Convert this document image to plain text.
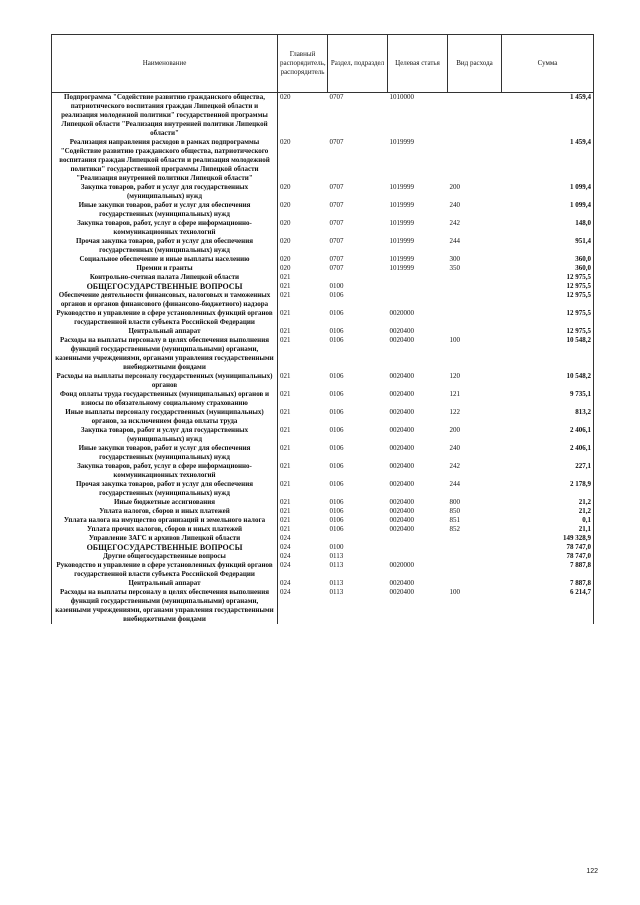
Наименование	Главный распорядитель, распорядитель	Раздел, подраздел	Целевая статья	Вид расхода	Сумма
Подпрограмма "Содействие развитию гражданского общества, патриотического воспитания граждан Липецкой области и реализация молодежной политики" государственной программы Липецкой области "Реализация внутренней политики Липецкой области"	020	0707	1010000		1 459,4
Реализация направления расходов в рамках подпрограммы "Содействие развитию гражданского общества, патриотического воспитания граждан Липецкой области и реализация молодежной политики" государственной программы Липецкой области "Реализация внутренней политики Липецкой области"	020	0707	1019999		1 459,4
Закупка товаров, работ и услуг для государственных (муниципальных) нужд	020	0707	1019999	200	1 099,4
Иные закупки товаров, работ и услуг для обеспечения государственных (муниципальных) нужд	020	0707	1019999	240	1 099,4
Закупка товаров, работ, услуг в сфере информационно-коммуникационных технологий	020	0707	1019999	242	148,0
Прочая закупка товаров, работ и услуг для обеспечения государственных (муниципальных) нужд	020	0707	1019999	244	951,4
Социальное обеспечение и иные выплаты населению	020	0707	1019999	300	360,0
Премии и гранты	020	0707	1019999	350	360,0
Контрольно-счетная палата Липецкой области	021				12 975,5
ОБЩЕГОСУДАРСТВЕННЫЕ ВОПРОСЫ	021	0100			12 975,5
Обеспечение деятельности финансовых, налоговых и таможенных органов и органов финансового (финансово-бюджетного) надзора	021	0106			12 975,5
Руководство и управление в сфере установленных функций органов государственной власти субъекта Российской Федерации	021	0106	0020000		12 975,5
Центральный аппарат	021	0106	0020400		12 975,5
Расходы на выплаты персоналу в целях обеспечения выполнения функций государственными (муниципальными) органами, казенными учреждениями, органами управления государственными внебюджетными фондами	021	0106	0020400	100	10 548,2
Расходы на выплаты персоналу государственных (муниципальных) органов	021	0106	0020400	120	10 548,2
Фонд оплаты труда государственных (муниципальных) органов и взносы по обязательному социальному страхованию	021	0106	0020400	121	9 735,1
Иные выплаты персоналу государственных (муниципальных) органов, за исключением фонда оплаты труда	021	0106	0020400	122	813,2
Закупка товаров, работ и услуг для государственных (муниципальных) нужд	021	0106	0020400	200	2 406,1
Иные закупки товаров, работ и услуг для обеспечения государственных (муниципальных) нужд	021	0106	0020400	240	2 406,1
Закупка товаров, работ, услуг в сфере информационно-коммуникационных технологий	021	0106	0020400	242	227,1
Прочая закупка товаров, работ и услуг для обеспечения государственных (муниципальных) нужд	021	0106	0020400	244	2 178,9
Иные бюджетные ассигнования	021	0106	0020400	800	21,2
Уплата налогов, сборов и иных платежей	021	0106	0020400	850	21,2
Уплата налога на имущество организаций и земельного налога	021	0106	0020400	851	0,1
Уплата прочих налогов, сборов и иных платежей	021	0106	0020400	852	21,1
Управление ЗАГС и архивов Липецкой области	024				149 328,9
ОБЩЕГОСУДАРСТВЕННЫЕ ВОПРОСЫ	024	0100			78 747,0
Другие общегосударственные вопросы	024	0113			78 747,0
Руководство и управление в сфере установленных функций органов государственной власти субъекта Российской Федерации	024	0113	0020000		7 887,8
Центральный аппарат	024	0113	0020400		7 887,8
Расходы на выплаты персоналу в целях обеспечения выполнения функций государственными (муниципальными) органами, казенными учреждениями, органами управления государственными внебюджетными фондами	024	0113	0020400	100	6 214,7
122
